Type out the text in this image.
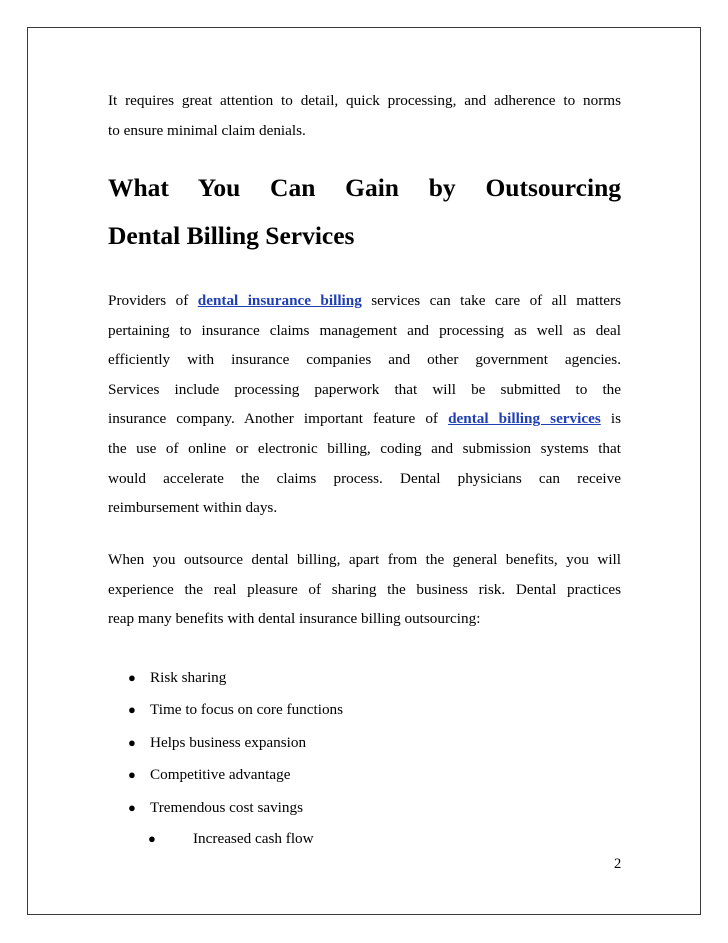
It requires great attention to detail, quick processing, and adherence to norms
to ensure minimal claim denials.

What You Can Gain by Outsourcing
Dental Billing Services

Providers of dental insurance billing services can take care of all matters
pertaining to insurance claims management and processing as well as deal
efficiently with insurance companies and other government agencies.
Services include processing paperwork that will be submitted to the
insurance company. Another important feature of dental billing services is
the use of online or electronic billing, coding and submission systems that
would accelerate the claims process. Dental physicians can receive
reimbursement within days.

When you outsource dental billing, apart from the general benefits, you will
experience the real pleasure of sharing the business risk. Dental practices
reap many benefits with dental insurance billing outsourcing:

● Risk sharing
● Time to focus on core functions
● Helps business expansion
● Competitive advantage
● Tremendous cost savings
● Increased cash flow
2
